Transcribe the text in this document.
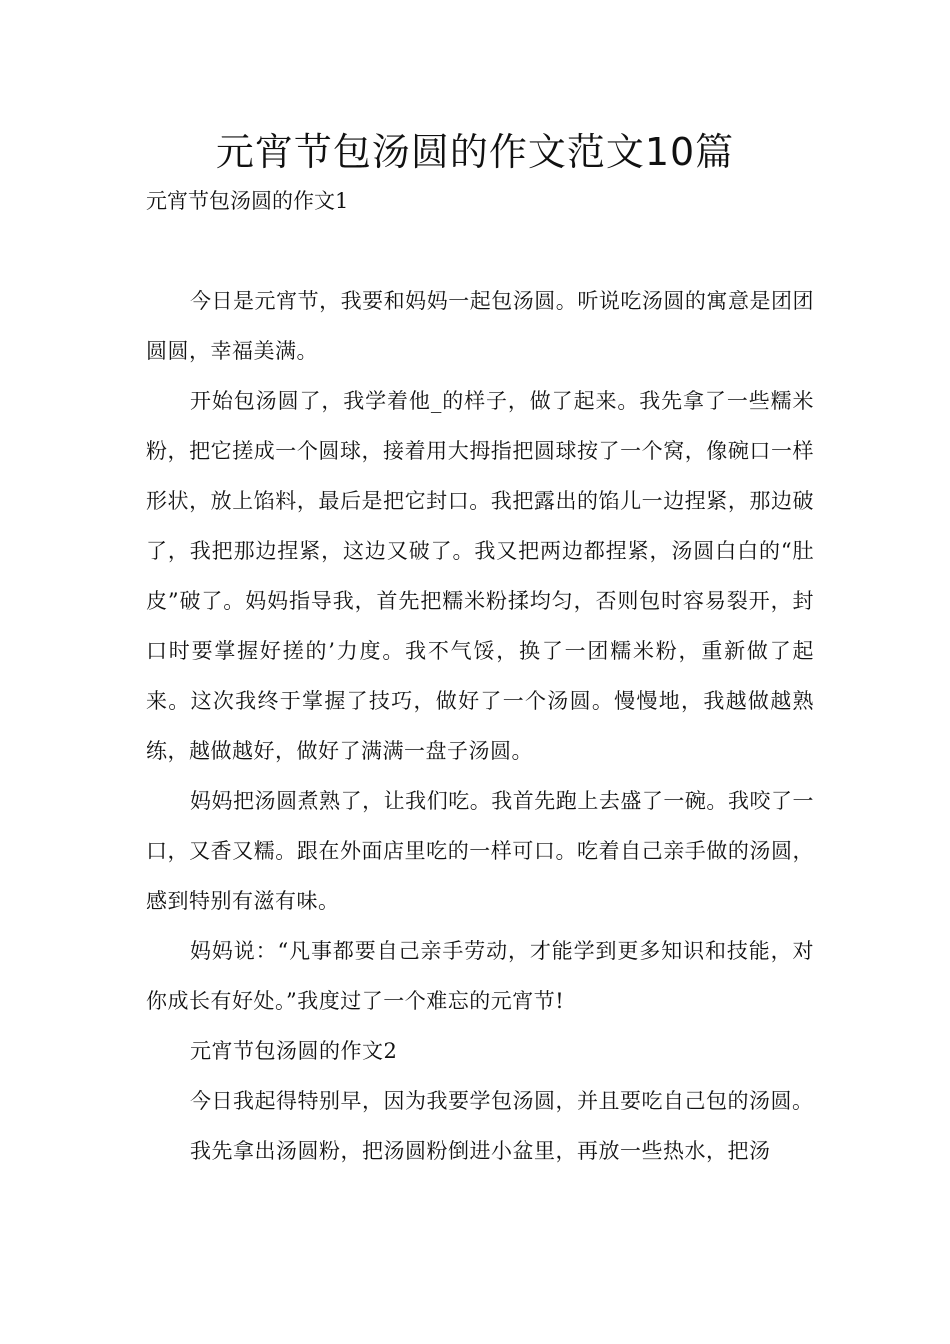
元宵节包汤圆的作文范文10篇

元宵节包汤圆的作文1

今日是元宵节，我要和妈妈一起包汤圆。听说吃汤圆的寓意是团团圆圆，幸福美满。

开始包汤圆了，我学着他_的样子，做了起来。我先拿了一些糯米粉，把它搓成一个圆球，接着用大拇指把圆球按了一个窝，像碗口一样形状，放上馅料，最后是把它封口。我把露出的馅儿一边捏紧，那边破了，我把那边捏紧，这边又破了。我又把两边都捏紧，汤圆白白的“肚皮”破了。妈妈指导我，首先把糯米粉揉均匀，否则包时容易裂开，封口时要掌握好搓的’力度。我不气馁，换了一团糯米粉，重新做了起来。这次我终于掌握了技巧，做好了一个汤圆。慢慢地，我越做越熟练，越做越好，做好了满满一盘子汤圆。

妈妈把汤圆煮熟了，让我们吃。我首先跑上去盛了一碗。我咬了一口，又香又糯。跟在外面店里吃的一样可口。吃着自己亲手做的汤圆，感到特别有滋有味。

妈妈说：“凡事都要自己亲手劳动，才能学到更多知识和技能，对你成长有好处。”我度过了一个难忘的元宵节!

元宵节包汤圆的作文2

今日我起得特别早，因为我要学包汤圆，并且要吃自己包的汤圆。

我先拿出汤圆粉，把汤圆粉倒进小盆里，再放一些热水，把汤
